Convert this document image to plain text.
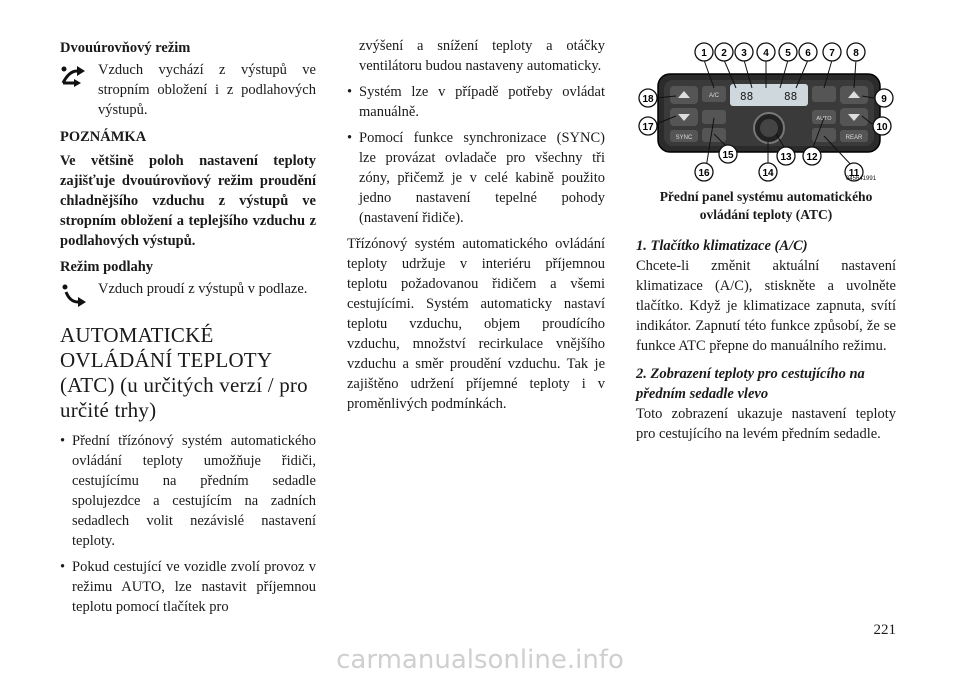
Dvouúrovňový režim

Vzduch vychází z výstupů ve stropním obložení i z podlahových výstupů.

POZNÁMKA

Ve většině poloh nastavení teploty zajišťuje dvouúrovňový režim proudění chladnějšího vzduchu z výstupů ve stropním obložení a teplejšího vzduchu z podlahových výstupů.

Režim podlahy

Vzduch proudí z výstupů v podlaze.

AUTOMATICKÉ OVLÁDÁNÍ TEPLOTY (ATC) (u určitých verzí / pro určité trhy)
• Přední třízónový systém automatického ovládání teploty umožňuje řidiči, cestujícímu na předním sedadle spolujezdce a cestujícím na zadních sedadlech volit nezávislé nastavení teploty.
• Pokud cestující ve vozidle zvolí provoz v režimu AUTO, lze nastavit příjemnou teplotu pomocí tlačítek pro

zvýšení a snížení teploty a otáčky ventilátoru budou nastaveny automaticky.

• Systém lze v případě potřeby ovládat manuálně.
• Pomocí funkce synchronizace (SYNC) lze provázat ovladače pro všechny tři zóny, přičemž je v celé kabině použito jedno nastavení tepelné pohody (nastavení řidiče).

Třízónový systém automatického ovládání teploty udržuje v interiéru příjemnou teplotu požadovanou řidičem a všemi cestujícími. Systém automaticky nastaví teplotu vzduchu, objem proudícího vzduchu, množství recirkulace vnějšího vzduchu a směr proudění vzduchu. Tak je zajištěno udržení příjemné teploty i v proměnlivých podmínkách.

SYNC
A/C 88	88
AUTO
REAR
1 2 3 4 5 6 7 8
9
10
11
12
13
14
15
16
17
18
045641991

Přední panel systému automatického ovládání teploty (ATC)

1. Tlačítko klimatizace (A/C)

Chcete-li změnit aktuální nastavení klimatizace (A/C), stiskněte a uvolněte tlačítko. Když je klimatizace zapnuta, svítí indikátor. Zapnutí této funkce způsobí, že se funkce ATC přepne do manuálního režimu.

2. Zobrazení teploty pro cestujícího na předním sedadle vlevo

Toto zobrazení ukazuje nastavení teploty pro cestujícího na levém předním sedadle.

221
carmanualsonline.info
